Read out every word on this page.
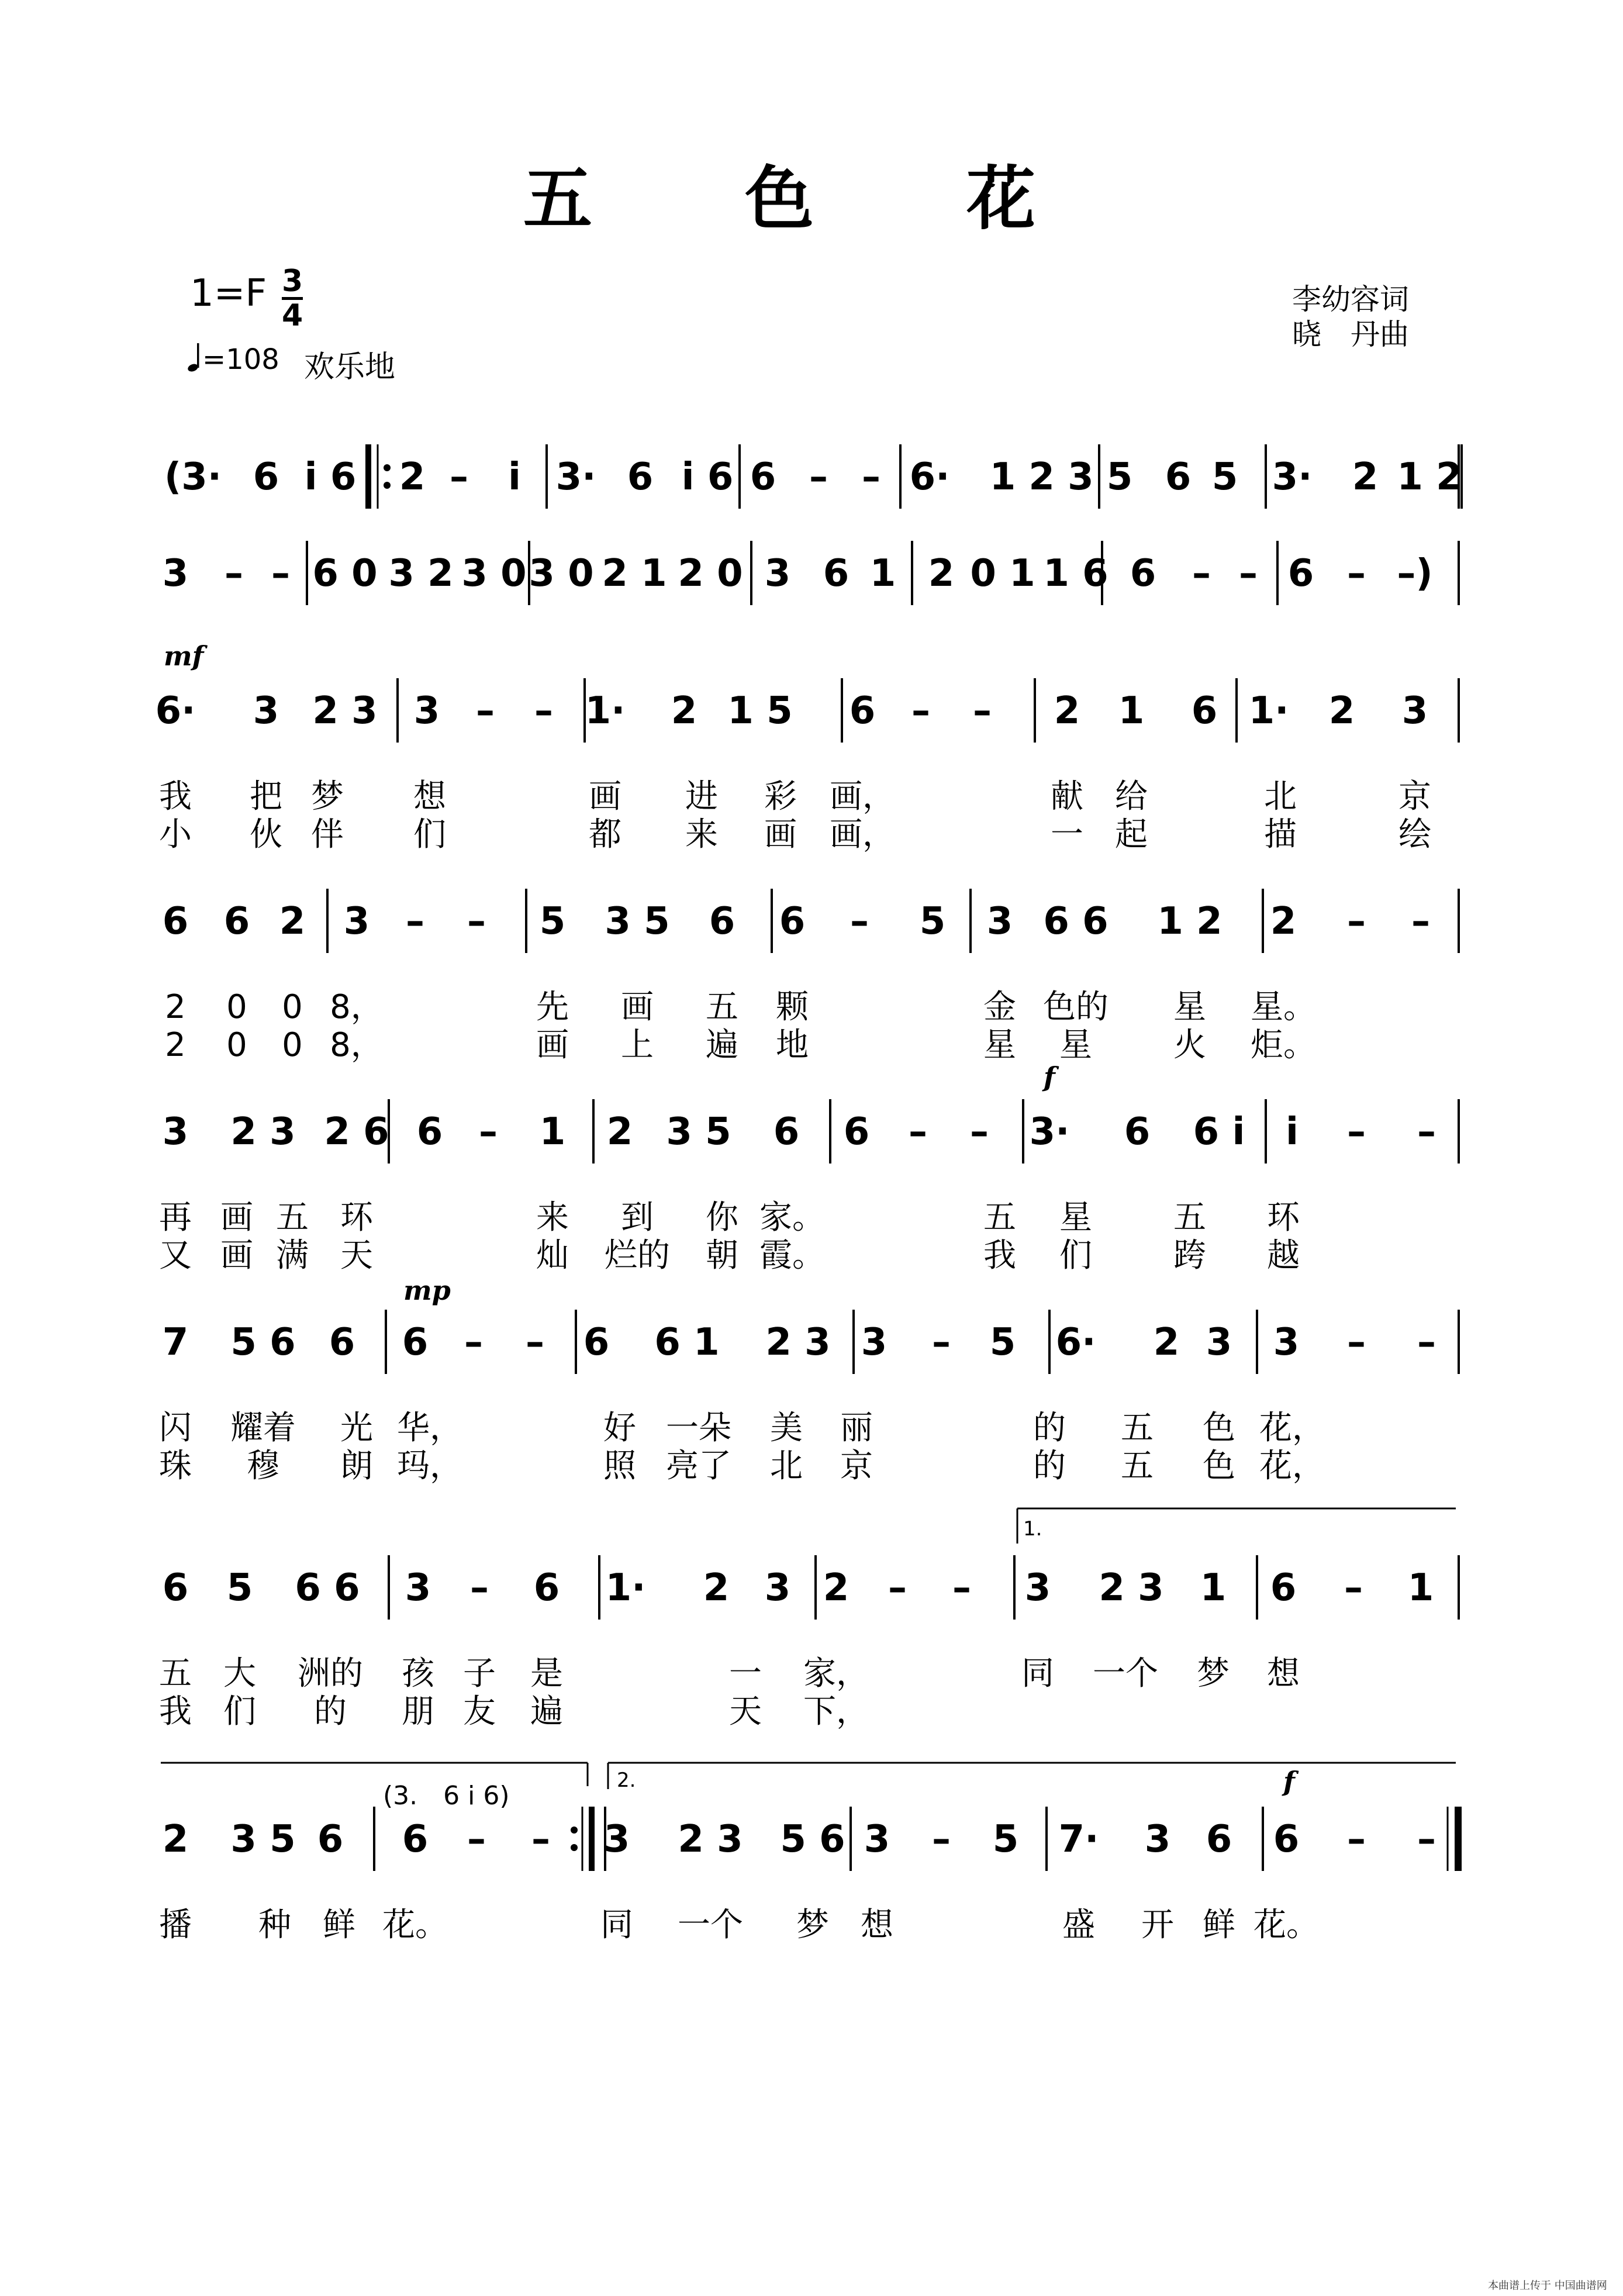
五 色 花
1=F 3
4
=108 欢乐地
李幼容词
晓　丹曲
(3· 6 i 6 2 – i 3· 6 i 6 6 – – 6· 1 2 3 5 6 5 3· 2 1 2
3 – – 6 0 3 2 3 0 3 0 2 1 2 0 3 6 1 2 0 1 1 6 6 – – 6 – –)
6· 3 2 3 3 – – 1· 2 1 5 6 – – 2 1 6 1· 2 3
我 把 梦 想	画 进 彩 画，	献 给	北	京
小 伙 伴 们	都 来 画 画，	一 起	描	绘
6 6 2 3 – – 5 3 5 6 6 – 5 3 6 6 1 2 2 – –
2 0 0 8，	先 画 五 颗	金 色的 星 星。
2 0 0 8，	画 上 遍 地	星 星 火 炬。
3 2 3 2 6 6 – 1 2 3 5 6 6 – – 3· 6 6 i i – –
再 画 五 环	来 到 你 家。	五 星 五 环
又 画 满 天	灿 烂的 朝 霞。	我 们 跨 越
7 5 6 6 6 – – 6 6 1 2 3 3 – 5 6· 2 3 3 – –
闪 耀着 光 华，	好 一朵 美 丽	的 五 色 花，
珠 穆 朗 玛，	照 亮了 北 京	的 五 色 花，
6 5 6 6 3 – 6 1· 2 3 2 – – 3 2 3 1 6 – 1
五 大 洲的 孩 子 是	一 家，	同 一个 梦 想
我 们 的 朋 友 遍	天 下，
2 3 5 6 6 – – 3 2 3 5 6 3 – 5 7· 3 6 6 – –
播 种 鲜 花。	同 一个 梦 想	盛 开 鲜 花。
本曲谱上传于 中国曲谱网
mf
f
mp
f
1.
2.
(3.　6 i 6)
